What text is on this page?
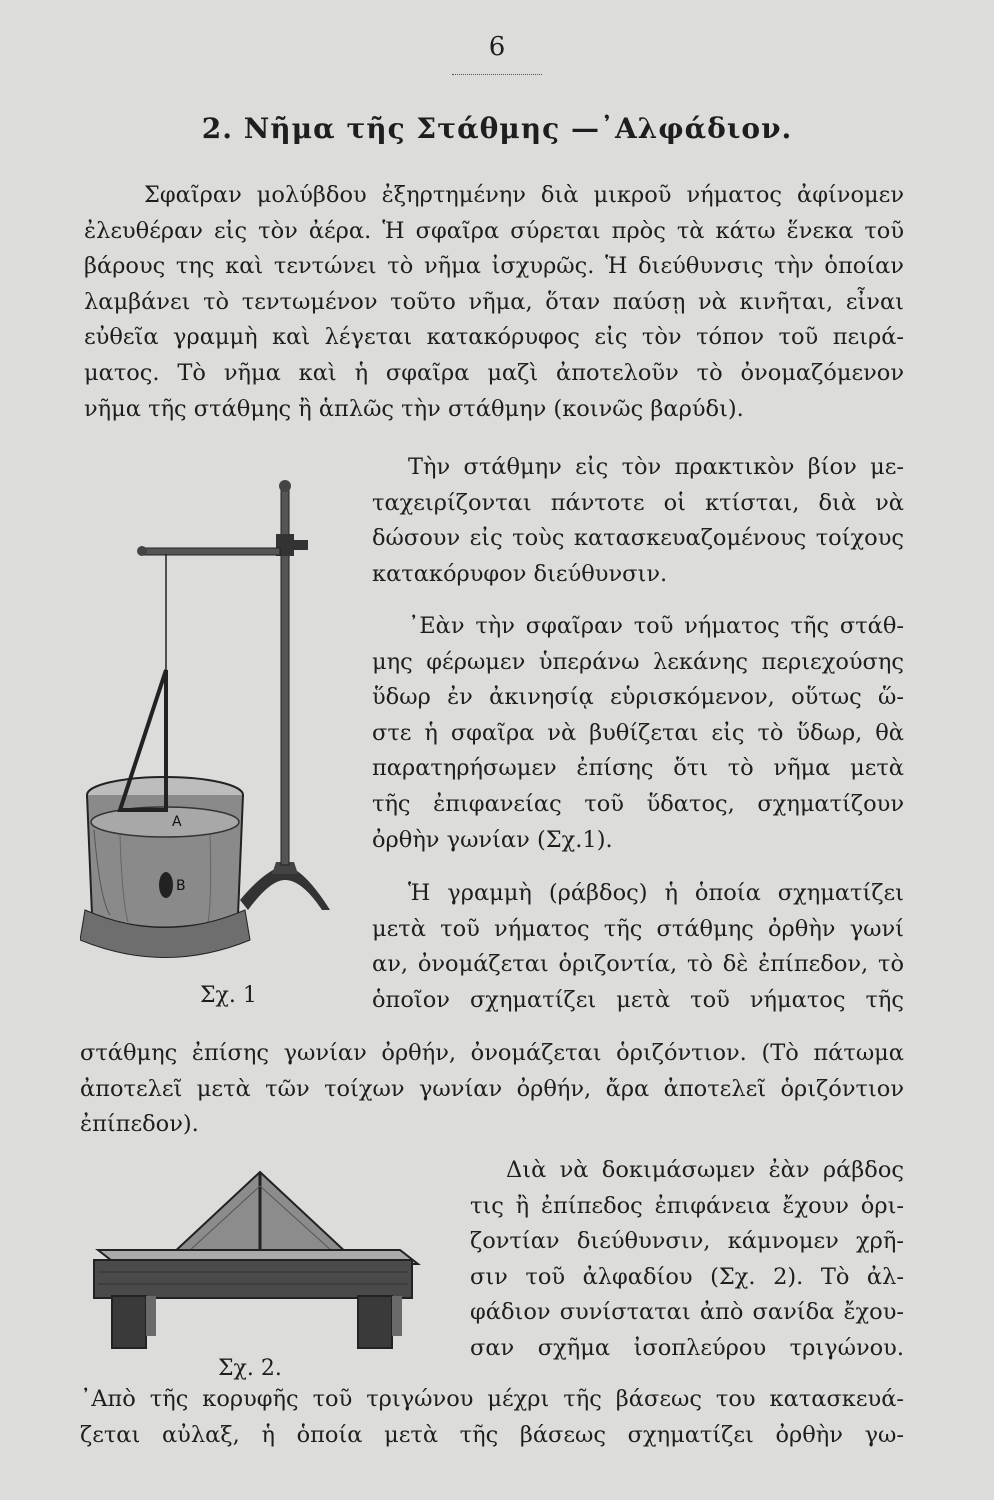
6
2. Νῆμα τῆς Στάθμης —᾿Αλφάδιον.
Σφαῖραν μολύβδου ἐξηρτημένην διὰ μικροῦ νήματος ἀφίνομεν
ἐλευθέραν εἰς τὸν ἀέρα. Ἡ σφαῖρα σύρεται πρὸς τὰ κάτω ἕνεκα τοῦ
βάρους της καὶ τεντώνει τὸ νῆμα ἰσχυρῶς. Ἡ διεύθυνσις τὴν ὁποίαν
λαμβάνει τὸ τεντωμένον τοῦτο νῆμα, ὅταν παύσῃ νὰ κινῆται, εἶναι
εὐθεῖα γραμμὴ καὶ λέγεται κατακόρυφος εἰς τὸν τόπον τοῦ πειρά-
ματος. Τὸ νῆμα καὶ ἡ σφαῖρα μαζὶ ἀποτελοῦν τὸ ὀνομαζόμενον
νῆμα τῆς στάθμης ἢ ἁπλῶς τὴν στάθμην (κοινῶς βαρύδι).
Τὴν στάθμην εἰς τὸν πρακτικὸν βίον με-
ταχειρίζονται πάντοτε οἱ κτίσται, διὰ νὰ
δώσουν εἰς τοὺς κατασκευαζομένους τοίχους
κατακόρυφον διεύθυνσιν.
᾿Εὰν τὴν σφαῖραν τοῦ νήματος τῆς στάθ-
μης φέρωμεν ὑπεράνω λεκάνης περιεχούσης
ὕδωρ ἐν ἀκινησίᾳ εὑρισκόμενον, οὕτως ὥ-
στε ἡ σφαῖρα νὰ βυθίζεται εἰς τὸ ὕδωρ, θὰ
παρατηρήσωμεν ἐπίσης ὅτι τὸ νῆμα μετὰ
τῆς ἐπιφανείας τοῦ ὕδατος, σχηματίζουν
ὀρθὴν γωνίαν (Σχ.1).
Ἡ γραμμὴ (ράβδος) ἡ ὁποία σχηματίζει
μετὰ τοῦ νήματος τῆς στάθμης ὀρθὴν γωνί
αν, ὀνομάζεται ὁριζοντία, τὸ δὲ ἐπίπεδον, τὸ
ὁποῖον σχηματίζει μετὰ τοῦ νήματος τῆς
στάθμης ἐπίσης γωνίαν ὀρθήν, ὀνομάζεται ὁριζόντιον. (Τὸ πάτωμα
ἀποτελεῖ μετὰ τῶν τοίχων γωνίαν ὀρθήν, ἄρα ἀποτελεῖ ὁριζόντιον
ἐπίπεδον).
Διὰ νὰ δοκιμάσωμεν ἐὰν ράβδος
τις ἢ ἐπίπεδος ἐπιφάνεια ἔχουν ὁρι-
ζοντίαν διεύθυνσιν, κάμνομεν χρῆ-
σιν τοῦ ἀλφαδίου (Σχ. 2). Τὸ ἀλ-
φάδιον συνίσταται ἀπὸ σανίδα ἔχου-
σαν σχῆμα ἰσοπλεύρου τριγώνου.
᾿Απὸ τῆς κορυφῆς τοῦ τριγώνου μέχρι τῆς βάσεως του κατασκευά-
ζεται αὐλαξ, ἡ ὁποία μετὰ τῆς βάσεως σχηματίζει ὀρθὴν γω-
A
B
Σχ. 1
Σχ. 2.
